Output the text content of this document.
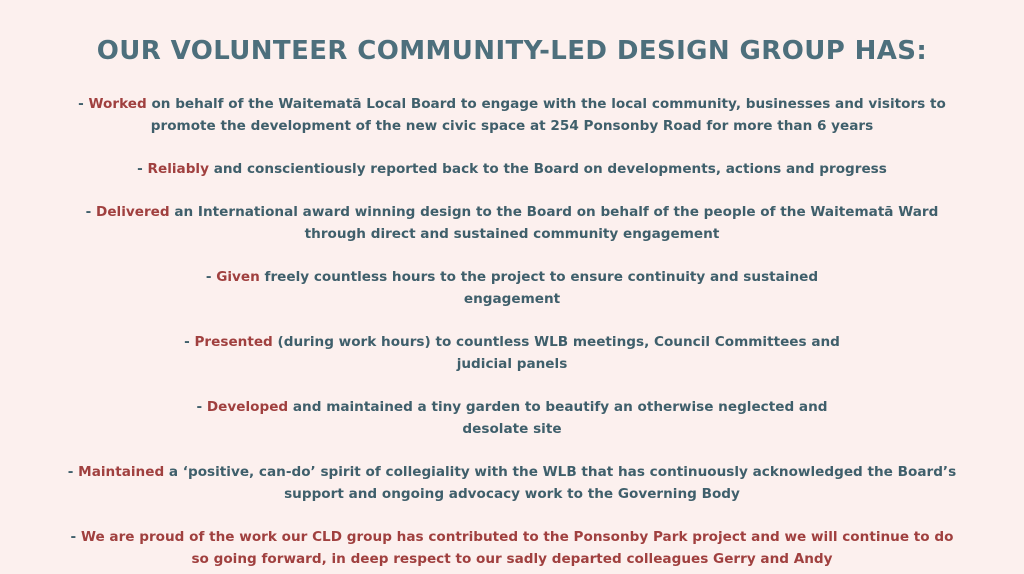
OUR VOLUNTEER COMMUNITY-LED DESIGN GROUP HAS:

- Worked on behalf of the Waitematā Local Board to engage with the local community, businesses and visitors to promote the development of the new civic space at 254 Ponsonby Road for more than 6 years

- Reliably and conscientiously reported back to the Board on developments, actions and progress

- Delivered an International award winning design to the Board on behalf of the people of the Waitematā Ward through direct and sustained community engagement

- Given freely countless hours to the project to ensure continuity and sustained engagement

- Presented (during work hours) to countless WLB meetings, Council Committees and judicial panels

- Developed and maintained a tiny garden to beautify an otherwise neglected and desolate site

- Maintained a ‘positive, can-do’ spirit of collegiality with the WLB that has continuously acknowledged the Board’s support and ongoing advocacy work to the Governing Body

- We are proud of the work our CLD group has contributed to the Ponsonby Park project and we will continue to do so going forward, in deep respect to our sadly departed colleagues Gerry and Andy
